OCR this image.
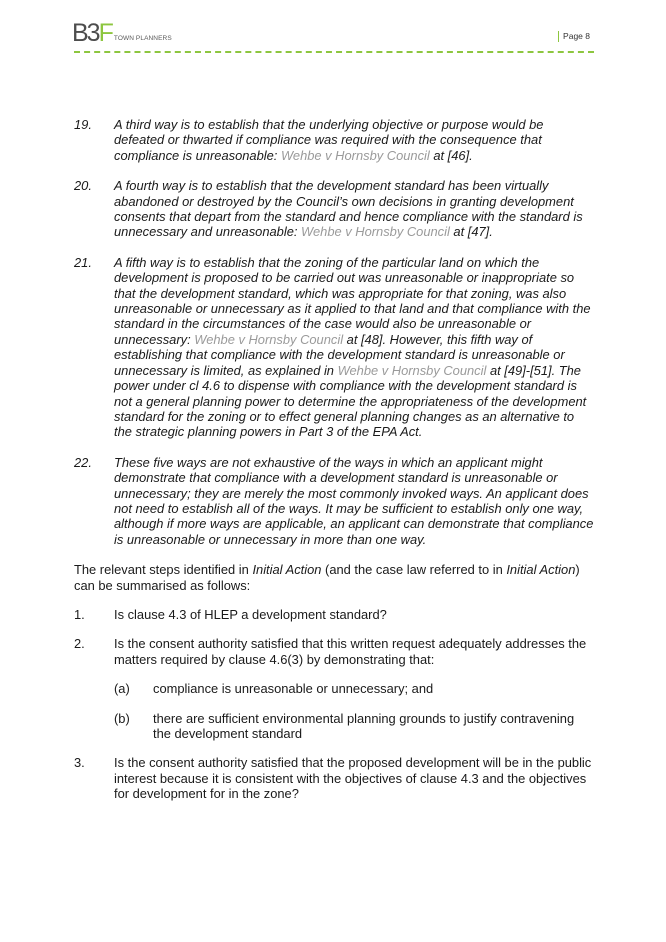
B3F TOWN PLANNERS	Page 8
19.	A third way is to establish that the underlying objective or purpose would be defeated or thwarted if compliance was required with the consequence that compliance is unreasonable: Wehbe v Hornsby Council at [46].
20.	A fourth way is to establish that the development standard has been virtually abandoned or destroyed by the Council’s own decisions in granting development consents that depart from the standard and hence compliance with the standard is unnecessary and unreasonable: Wehbe v Hornsby Council at [47].
21.	A fifth way is to establish that the zoning of the particular land on which the development is proposed to be carried out was unreasonable or inappropriate so that the development standard, which was appropriate for that zoning, was also unreasonable or unnecessary as it applied to that land and that compliance with the standard in the circumstances of the case would also be unreasonable or unnecessary: Wehbe v Hornsby Council at [48]. However, this fifth way of establishing that compliance with the development standard is unreasonable or unnecessary is limited, as explained in Wehbe v Hornsby Council at [49]-[51]. The power under cl 4.6 to dispense with compliance with the development standard is not a general planning power to determine the appropriateness of the development standard for the zoning or to effect general planning changes as an alternative to the strategic planning powers in Part 3 of the EPA Act.
22.	These five ways are not exhaustive of the ways in which an applicant might demonstrate that compliance with a development standard is unreasonable or unnecessary; they are merely the most commonly invoked ways. An applicant does not need to establish all of the ways. It may be sufficient to establish only one way, although if more ways are applicable, an applicant can demonstrate that compliance is unreasonable or unnecessary in more than one way.

The relevant steps identified in Initial Action (and the case law referred to in Initial Action) can be summarised as follows:

1.	Is clause 4.3 of HLEP a development standard?
2.	Is the consent authority satisfied that this written request adequately addresses the matters required by clause 4.6(3) by demonstrating that:
(a)	compliance is unreasonable or unnecessary; and
(b)	there are sufficient environmental planning grounds to justify contravening the development standard
3.	Is the consent authority satisfied that the proposed development will be in the public interest because it is consistent with the objectives of clause 4.3 and the objectives for development for in the zone?
